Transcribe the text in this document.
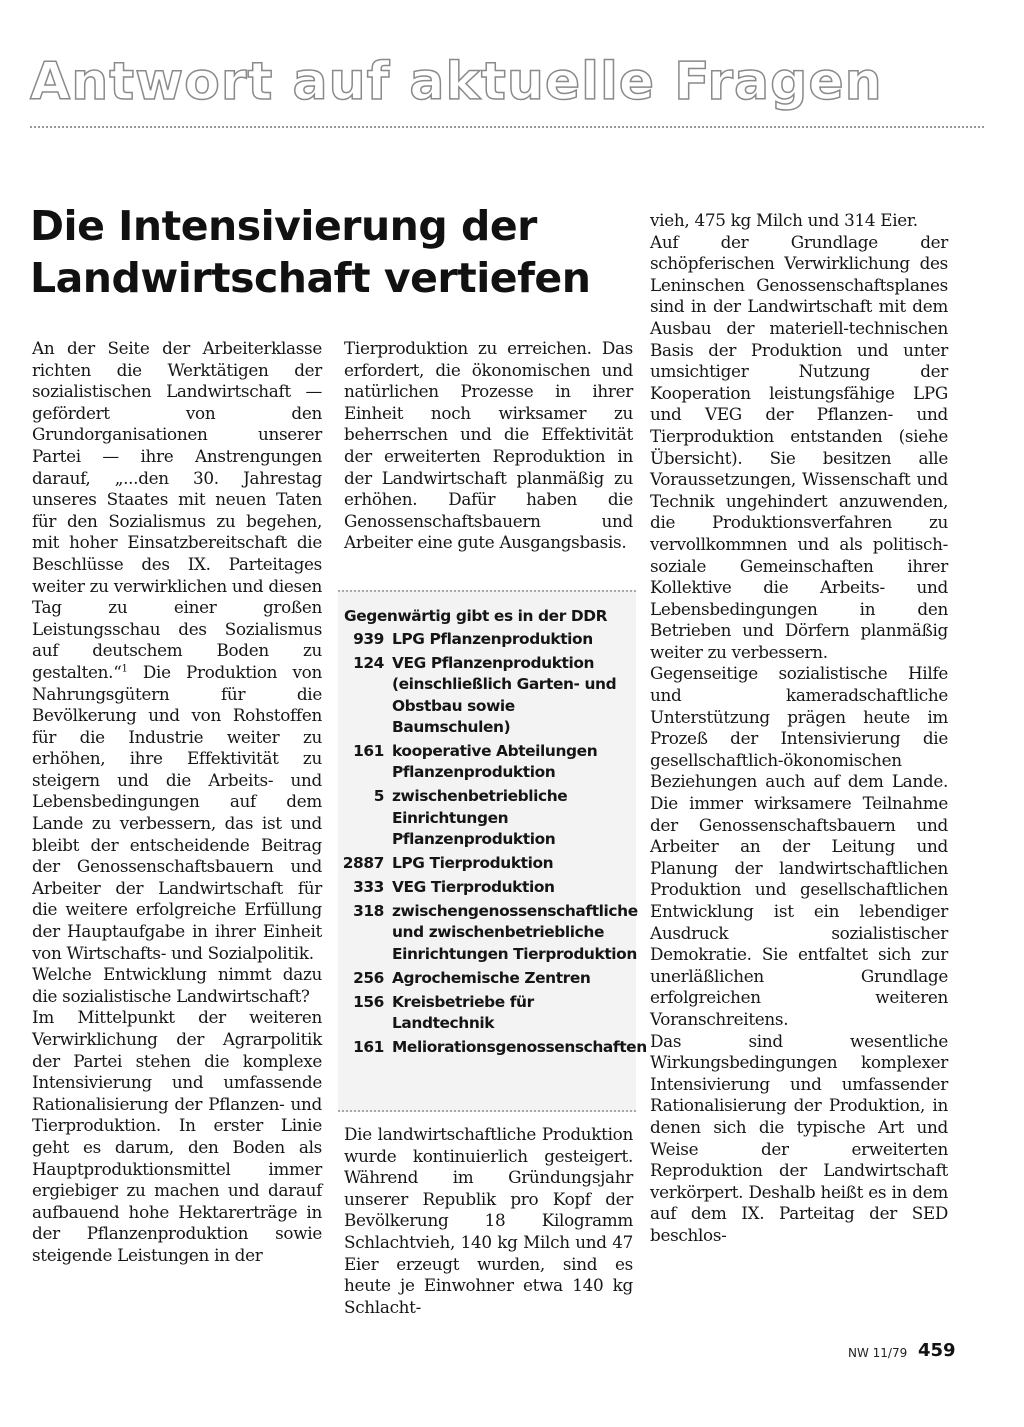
Antwort auf aktuelle Fragen
Die Intensivierung der
Landwirtschaft vertiefen

An der Seite der Arbeiterklasse richten die Werktätigen der sozialistischen Landwirtschaft — gefördert von den Grundorganisationen unserer Partei — ihre Anstrengungen darauf, „...den 30. Jahrestag unseres Staates mit neuen Taten für den Sozialismus zu begehen, mit hoher Einsatzbereitschaft die Beschlüsse des IX. Parteitages weiter zu verwirklichen und diesen Tag zu einer großen Leistungsschau des Sozialismus auf deutschem Boden zu gestalten.“$^1$ Die Produktion von Nahrungsgütern für die Bevölkerung und von Rohstoffen für die Industrie weiter zu erhöhen, ihre Effektivität zu steigern und die Arbeits- und Lebensbedingungen auf dem Lande zu verbessern, das ist und bleibt der entscheidende Beitrag der Genossenschaftsbauern und Arbeiter der Landwirtschaft für die weitere erfolgreiche Erfüllung der Hauptaufgabe in ihrer Einheit von Wirtschafts- und Sozialpolitik.

Welche Entwicklung nimmt dazu die sozialistische Landwirtschaft?

Im Mittelpunkt der weiteren Verwirklichung der Agrarpolitik der Partei stehen die komplexe Intensivierung und umfassende Rationalisierung der Pflanzen- und Tierproduktion. In erster Linie geht es darum, den Boden als Hauptproduktionsmittel immer ergiebiger zu machen und darauf aufbauend hohe Hektarerträge in der Pflanzenproduktion sowie steigende Leistungen in der

Tierproduktion zu erreichen. Das erfordert, die ökonomischen und natürlichen Prozesse in ihrer Einheit noch wirksamer zu beherrschen und die Effektivität der erweiterten Reproduktion in der Landwirtschaft planmäßig zu erhöhen. Dafür haben die Genossenschaftsbauern und Arbeiter eine gute Ausgangsbasis.

Gegenwärtig gibt es in der DDR

939 LPG Pflanzenproduktion
124 VEG Pflanzenproduktion (einschließlich Garten- und Obstbau sowie Baumschulen)
161 kooperative Abteilungen Pflanzenproduktion
5 zwischenbetriebliche Einrichtungen Pflanzenproduktion
2887 LPG Tierproduktion
333 VEG Tierproduktion
318 zwischengenossenschaftliche und zwischenbetriebliche Einrichtungen Tierproduktion
256 Agrochemische Zentren
156 Kreisbetriebe für Landtechnik
161 Meliorationsgenossenschaften

Die landwirtschaftliche Produktion wurde kontinuierlich gesteigert. Während im Gründungsjahr unserer Republik pro Kopf der Bevölkerung 18 Kilogramm Schlachtvieh, 140 kg Milch und 47 Eier erzeugt wurden, sind es heute je Einwohner etwa 140 kg Schlacht-

vieh, 475 kg Milch und 314 Eier.

Auf der Grundlage der schöpferischen Verwirklichung des Leninschen Genossenschaftsplanes sind in der Landwirtschaft mit dem Ausbau der materiell-technischen Basis der Produktion und unter umsichtiger Nutzung der Kooperation leistungsfähige LPG und VEG der Pflanzen- und Tierproduktion entstanden (siehe Übersicht). Sie besitzen alle Voraussetzungen, Wissenschaft und Technik ungehindert anzuwenden, die Produktionsverfahren zu vervollkommnen und als politisch-soziale Gemeinschaften ihrer Kollektive die Arbeits- und Lebensbedingungen in den Betrieben und Dörfern planmäßig weiter zu verbessern.

Gegenseitige sozialistische Hilfe und kameradschaftliche Unterstützung prägen heute im Prozeß der Intensivierung die gesellschaftlich-ökonomischen Beziehungen auch auf dem Lande. Die immer wirksamere Teilnahme der Genossenschaftsbauern und Arbeiter an der Leitung und Planung der landwirtschaftlichen Produktion und gesellschaftlichen Entwicklung ist ein lebendiger Ausdruck sozialistischer Demokratie. Sie entfaltet sich zur unerläßlichen Grundlage erfolgreichen weiteren Voranschreitens.

Das sind wesentliche Wirkungsbedingungen komplexer Intensivierung und umfassender Rationalisierung der Produktion, in denen sich die typische Art und Weise der erweiterten Reproduktion der Landwirtschaft verkörpert. Deshalb heißt es in dem auf dem IX. Parteitag der SED beschlos-

NW 11/79 459
